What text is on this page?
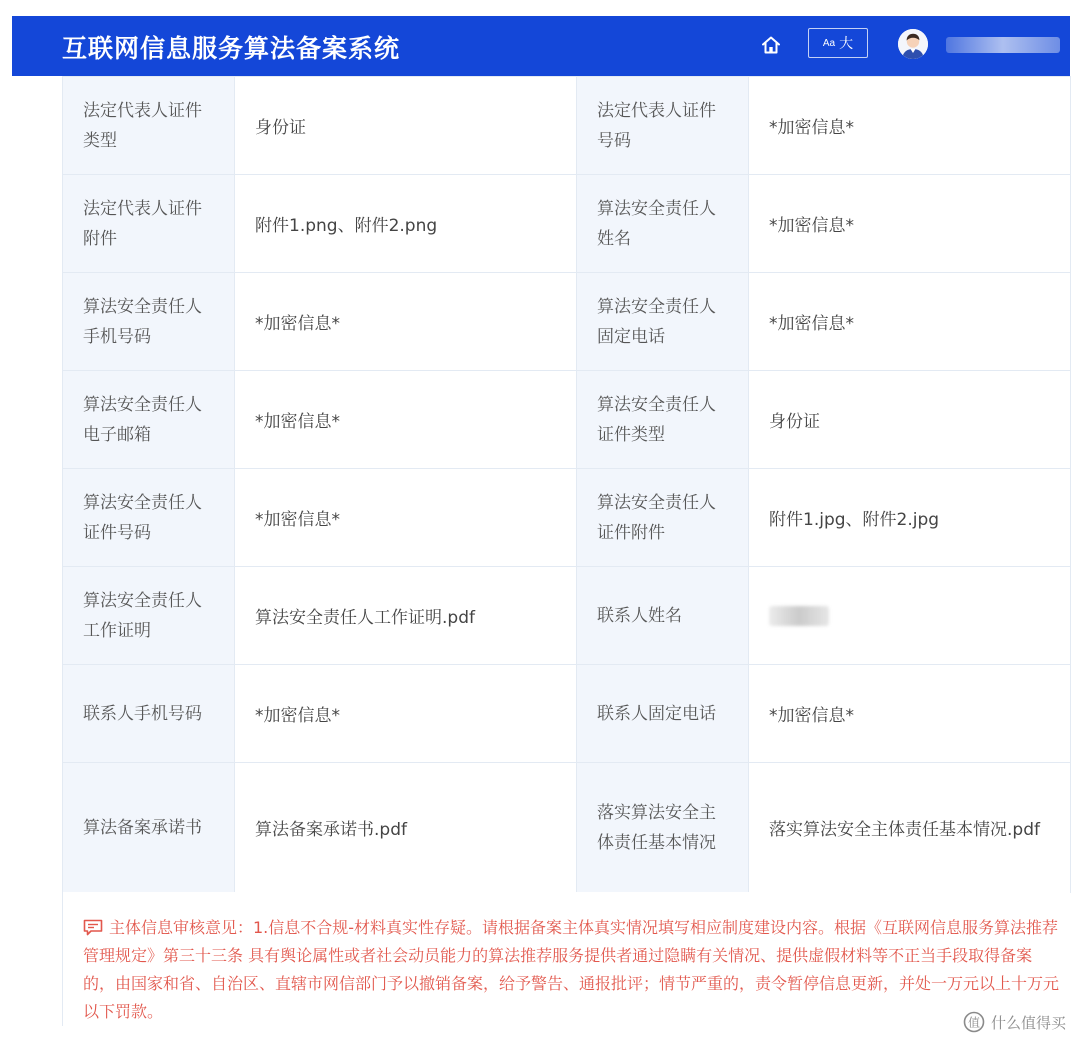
互联网信息服务算法备案系统	Aa 大
法定代表人证件类型	身份证	法定代表人证件号码	*加密信息*
法定代表人证件附件	附件1.png、附件2.png	算法安全责任人姓名	*加密信息*
算法安全责任人手机号码	*加密信息*	算法安全责任人固定电话	*加密信息*
算法安全责任人电子邮箱	*加密信息*	算法安全责任人证件类型	身份证
算法安全责任人证件号码	*加密信息*	算法安全责任人证件附件	附件1.jpg、附件2.jpg
算法安全责任人工作证明	算法安全责任人工作证明.pdf	联系人姓名	
联系人手机号码	*加密信息*	联系人固定电话	*加密信息*
算法备案承诺书	算法备案承诺书.pdf	落实算法安全主体责任基本情况	落实算法安全主体责任基本情况.pdf

主体信息审核意见：1.信息不合规-材料真实性存疑。请根据备案主体真实情况填写相应制度建设内容。根据《互联网信息服务算法推荐管理规定》第三十三条 具有舆论属性或者社会动员能力的算法推荐服务提供者通过隐瞒有关情况、提供虚假材料等不正当手段取得备案的，由国家和省、自治区、直辖市网信部门予以撤销备案，给予警告、通报批评；情节严重的，责令暂停信息更新，并处一万元以上十万元以下罚款。

值 什么值得买
